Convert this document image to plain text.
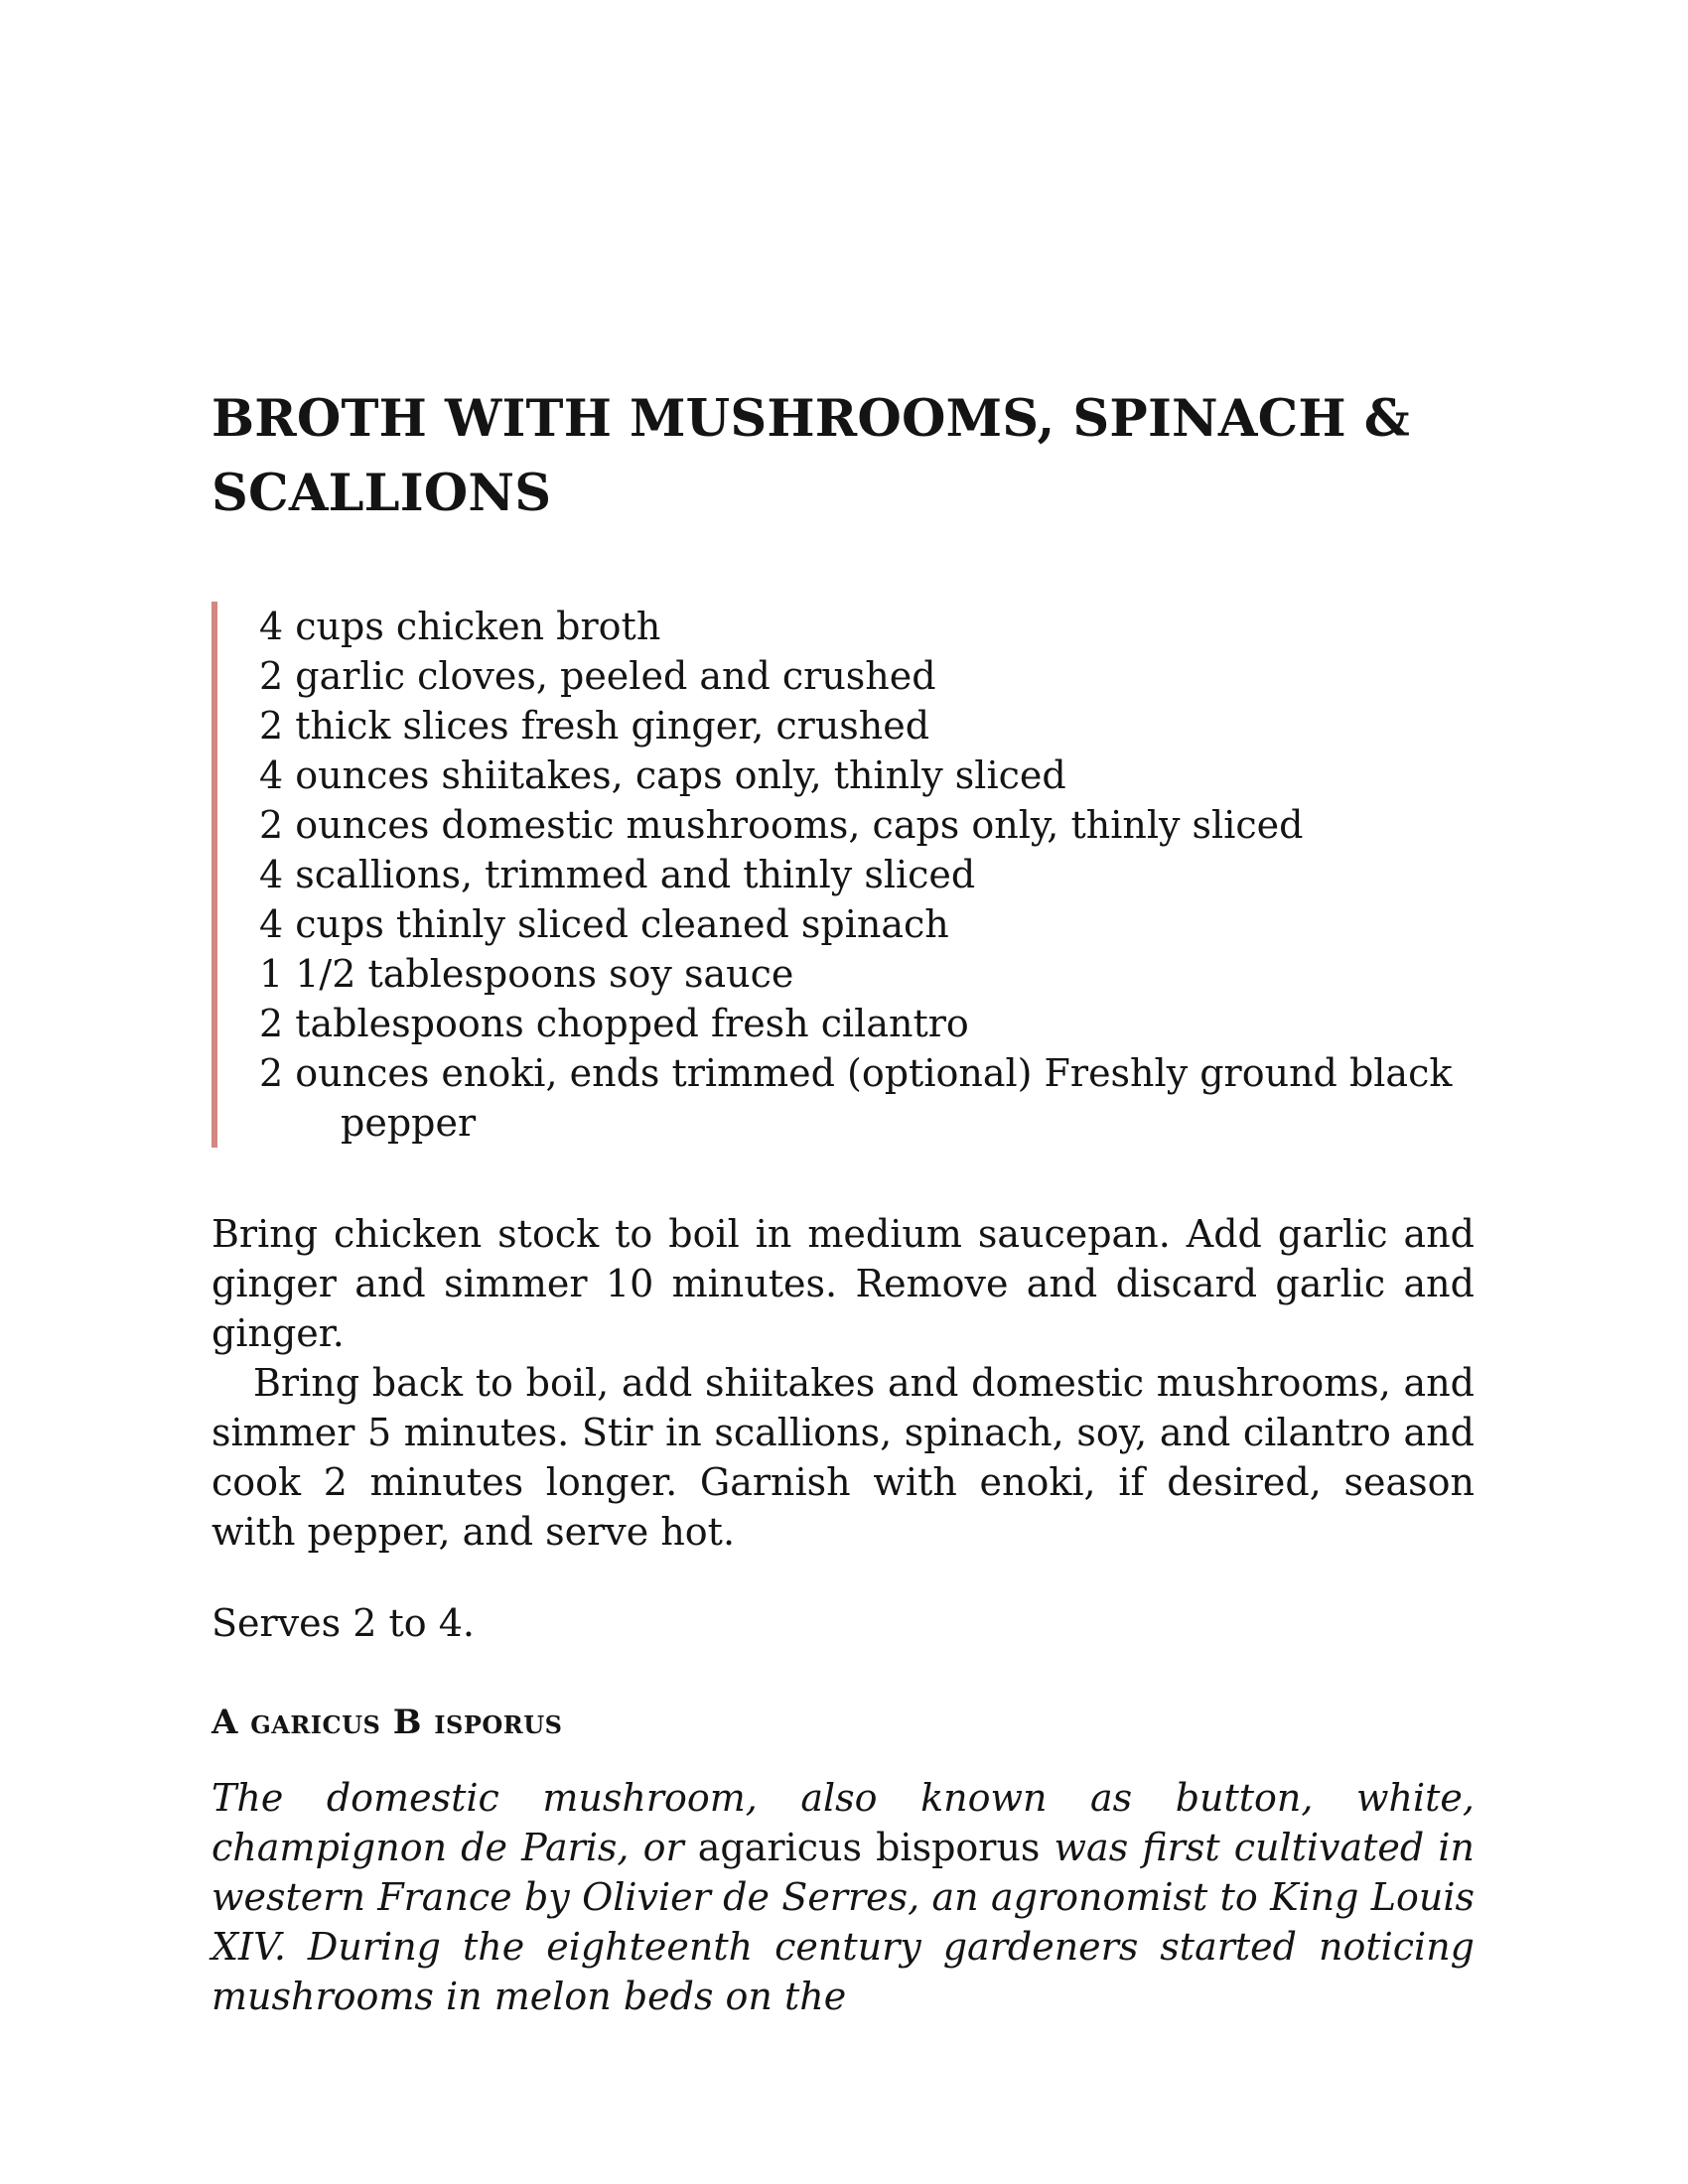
BROTH WITH MUSHROOMS, SPINACH & SCALLIONS
4 cups chicken broth
2 garlic cloves, peeled and crushed
2 thick slices fresh ginger, crushed
4 ounces shiitakes, caps only, thinly sliced
2 ounces domestic mushrooms, caps only, thinly sliced
4 scallions, trimmed and thinly sliced
4 cups thinly sliced cleaned spinach
1 1/2 tablespoons soy sauce
2 tablespoons chopped fresh cilantro
2 ounces enoki, ends trimmed (optional) Freshly ground black pepper

Bring chicken stock to boil in medium saucepan. Add garlic and ginger and simmer 10 minutes. Remove and discard garlic and ginger.

Bring back to boil, add shiitakes and domestic mushrooms, and simmer 5 minutes. Stir in scallions, spinach, soy, and cilantro and cook 2 minutes longer. Garnish with enoki, if desired, season with pepper, and serve hot.

Serves 2 to 4.
A garicus B isporus
The domestic mushroom, also known as button, white, champignon de Paris, or agaricus bisporus was first cultivated in western France by Olivier de Serres, an agronomist to King Louis XIV. During the eighteenth century gardeners started noticing mushrooms in melon beds on the
